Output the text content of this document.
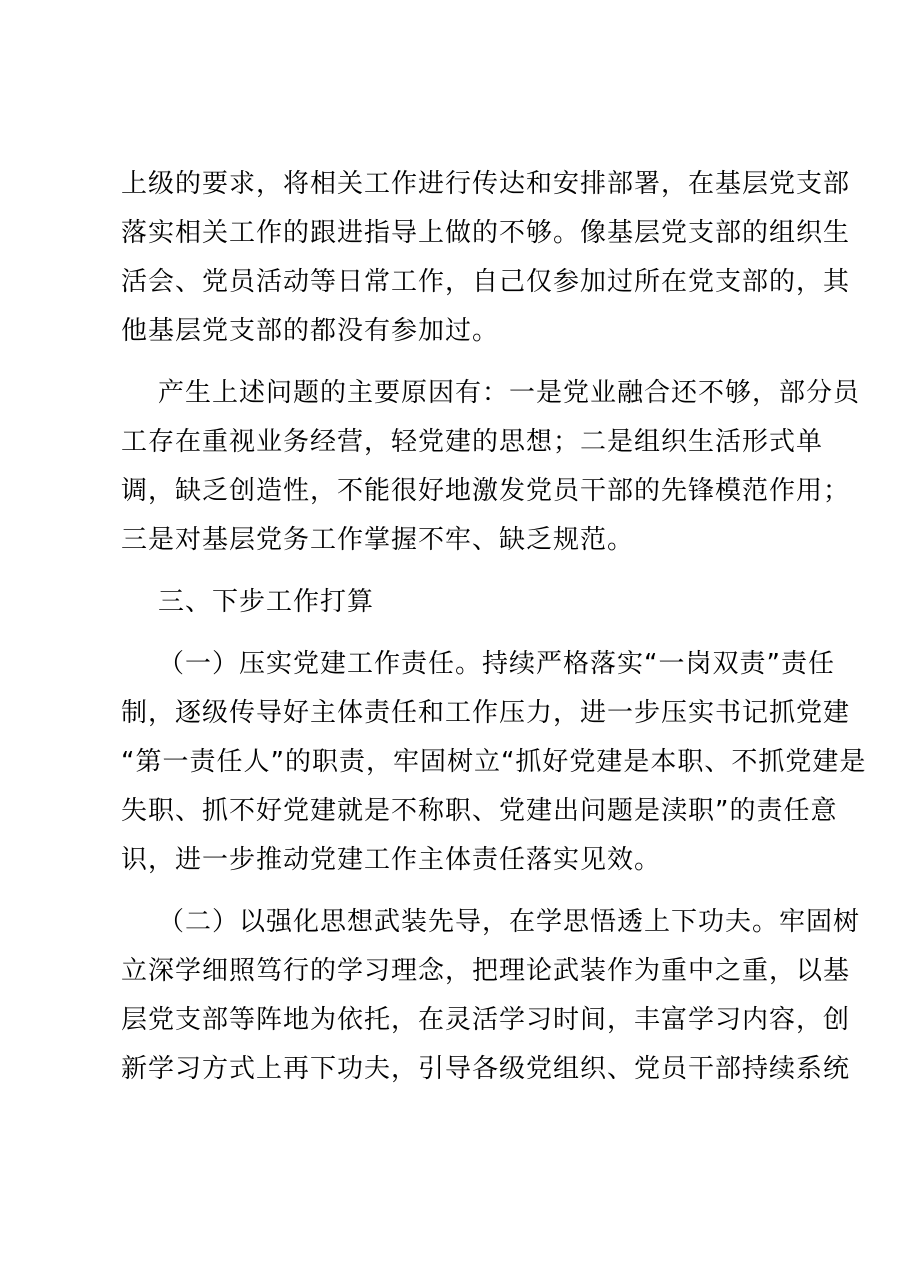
上级的要求，将相关工作进行传达和安排部署，在基层党支部
落实相关工作的跟进指导上做的不够。像基层党支部的组织生
活会、党员活动等日常工作，自己仅参加过所在党支部的，其
他基层党支部的都没有参加过。
产生上述问题的主要原因有：一是党业融合还不够，部分员
工存在重视业务经营，轻党建的思想；二是组织生活形式单
调，缺乏创造性，不能很好地激发党员干部的先锋模范作用；
三是对基层党务工作掌握不牢、缺乏规范。
三、下步工作打算
（一）压实党建工作责任。持续严格落实“一岗双责”责任
制，逐级传导好主体责任和工作压力，进一步压实书记抓党建
“第一责任人”的职责，牢固树立“抓好党建是本职、不抓党建是
失职、抓不好党建就是不称职、党建出问题是渎职”的责任意
识，进一步推动党建工作主体责任落实见效。
（二）以强化思想武装先导，在学思悟透上下功夫。牢固树
立深学细照笃行的学习理念，把理论武装作为重中之重，以基
层党支部等阵地为依托，在灵活学习时间，丰富学习内容，创
新学习方式上再下功夫，引导各级党组织、党员干部持续系统
